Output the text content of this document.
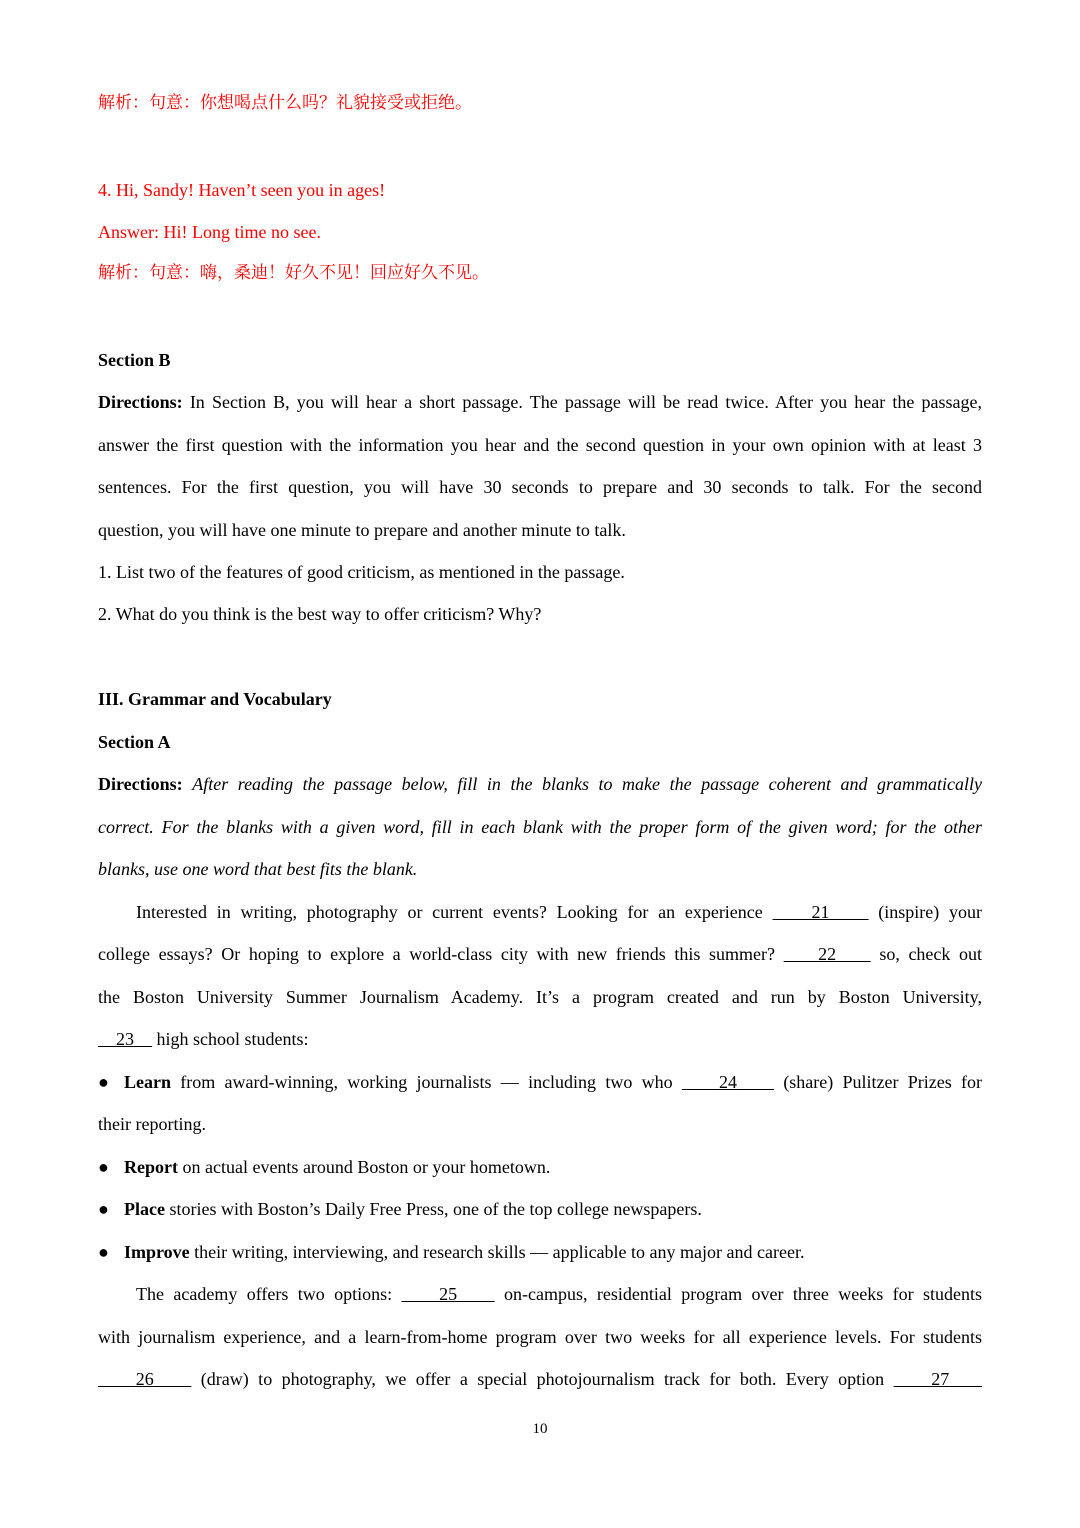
解析：句意：你想喝点什么吗？礼貌接受或拒绝。
4. Hi, Sandy! Haven’t seen you in ages!
Answer: Hi! Long time no see.
解析：句意：嗨，桑迪！好久不见！回应好久不见。
Section B
Directions: In Section B, you will hear a short passage. The passage will be read twice. After you hear the passage,
answer the first question with the information you hear and the second question in your own opinion with at least 3
sentences. For the first question, you will have 30 seconds to prepare and 30 seconds to talk. For the second
question, you will have one minute to prepare and another minute to talk.
1. List two of the features of good criticism, as mentioned in the passage.
2. What do you think is the best way to offer criticism? Why?
III. Grammar and Vocabulary
Section A
Directions: After reading the passage below, fill in the blanks to make the passage coherent and grammatically
correct. For the blanks with a given word, fill in each blank with the proper form of the given word; for the other
blanks, use one word that best fits the blank.
Interested in writing, photography or current events? Looking for an experience	21	(inspire) your
college essays? Or hoping to explore a world-class city with new friends this summer? 22 so, check out
the Boston University Summer Journalism Academy. It’s a program created and run by Boston University,
23 high school students:
● Learn from award-winning, working journalists — including two who	24	(share) Pulitzer Prizes for
their reporting.
● Report on actual events around Boston or your hometown.
● Place stories with Boston’s Daily Free Press, one of the top college newspapers.
● Improve their writing, interviewing, and research skills — applicable to any major and career.
The academy offers two options:	25	on-campus, residential program over three weeks for students
with journalism experience, and a learn-from-home program over two weeks for all experience levels. For students
26	(draw) to photography, we offer a special photojournalism track for both. Every option	27
10
